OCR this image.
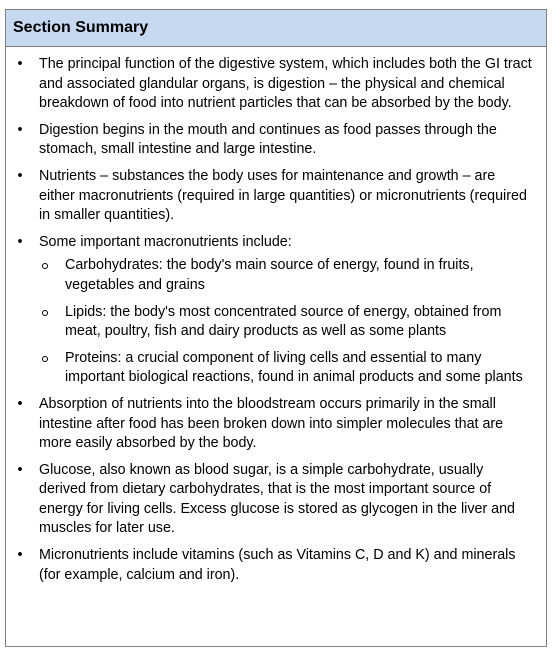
Section Summary
• The principal function of the digestive system, which includes both the GI tract and associated glandular organs, is digestion – the physical and chemical breakdown of food into nutrient particles that can be absorbed by the body.
• Digestion begins in the mouth and continues as food passes through the stomach, small intestine and large intestine.
• Nutrients – substances the body uses for maintenance and growth – are either macronutrients (required in large quantities) or micronutrients (required in smaller quantities).
• Some important macronutrients include:
Carbohydrates: the body's main source of energy, found in fruits, vegetables and grains
Lipids: the body's most concentrated source of energy, obtained from meat, poultry, fish and dairy products as well as some plants
Proteins: a crucial component of living cells and essential to many important biological reactions, found in animal products and some plants
• Absorption of nutrients into the bloodstream occurs primarily in the small intestine after food has been broken down into simpler molecules that are more easily absorbed by the body.
• Glucose, also known as blood sugar, is a simple carbohydrate, usually derived from dietary carbohydrates, that is the most important source of energy for living cells. Excess glucose is stored as glycogen in the liver and muscles for later use.
• Micronutrients include vitamins (such as Vitamins C, D and K) and minerals (for example, calcium and iron).
